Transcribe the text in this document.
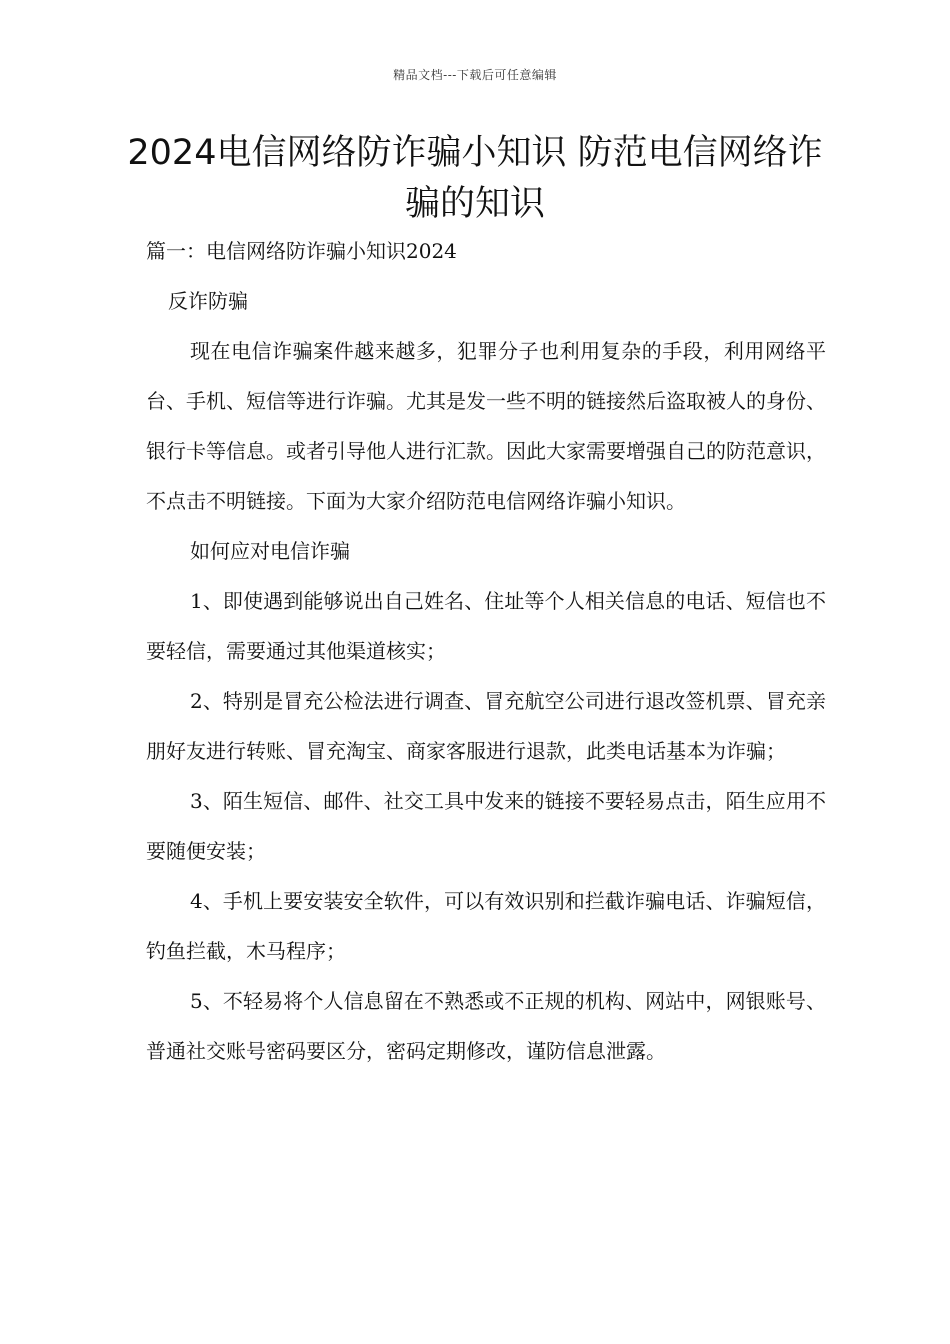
精品文档---下载后可任意编辑
2024电信网络防诈骗小知识 防范电信网络诈骗的知识

篇一：电信网络防诈骗小知识2024

反诈防骗

现在电信诈骗案件越来越多，犯罪分子也利用复杂的手段，利用网络平台、手机、短信等进行诈骗。尤其是发一些不明的链接然后盗取被人的身份、银行卡等信息。或者引导他人进行汇款。因此大家需要增强自己的防范意识，不点击不明链接。下面为大家介绍防范电信网络诈骗小知识。

如何应对电信诈骗

1、即使遇到能够说出自己姓名、住址等个人相关信息的电话、短信也不要轻信，需要通过其他渠道核实；

2、特别是冒充公检法进行调查、冒充航空公司进行退改签机票、冒充亲朋好友进行转账、冒充淘宝、商家客服进行退款，此类电话基本为诈骗；

3、陌生短信、邮件、社交工具中发来的链接不要轻易点击，陌生应用不要随便安装；

4、手机上要安装安全软件，可以有效识别和拦截诈骗电话、诈骗短信，钓鱼拦截，木马程序；

5、不轻易将个人信息留在不熟悉或不正规的机构、网站中，网银账号、普通社交账号密码要区分，密码定期修改，谨防信息泄露。
